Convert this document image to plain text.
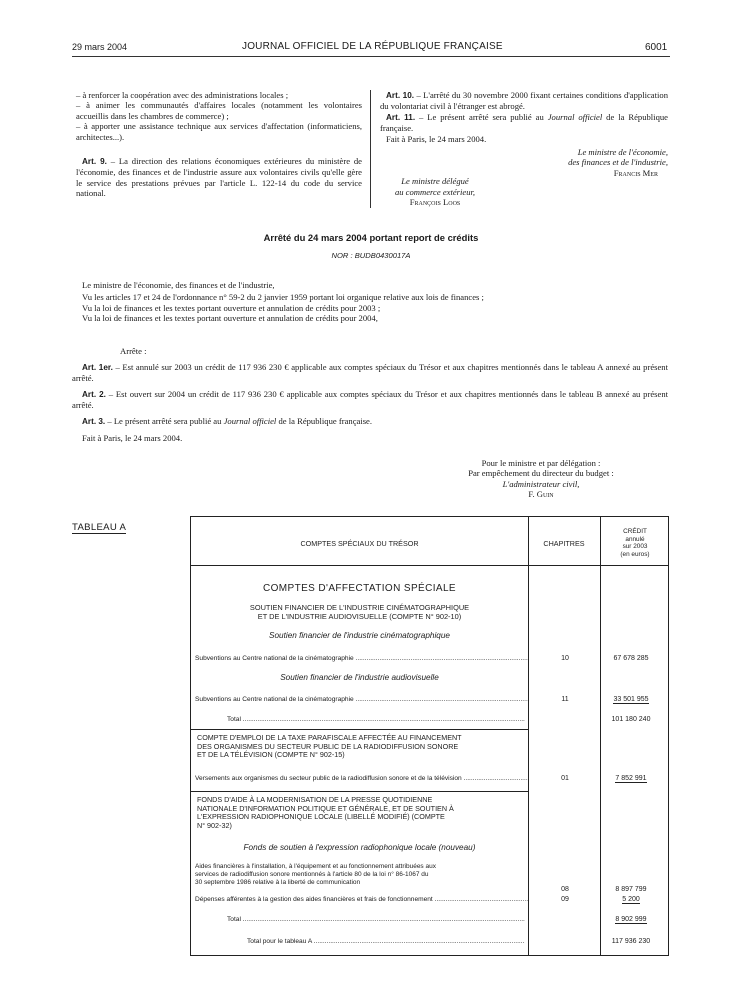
29 mars 2004	JOURNAL OFFICIEL DE LA RÉPUBLIQUE FRANÇAISE	6001

– à renforcer la coopération avec des administrations locales ;

– à animer les communautés d'affaires locales (notamment les volontaires accueillis dans les chambres de commerce) ;

– à apporter une assistance technique aux services d'affectation (informaticiens, architectes...).

Art. 9. – La direction des relations économiques extérieures du ministère de l'économie, des finances et de l'industrie assure aux volontaires civils qu'elle gère le service des prestations prévues par l'article L. 122-14 du code du service national.

Art. 10. – L'arrêté du 30 novembre 2000 fixant certaines conditions d'application du volontariat civil à l'étranger est abrogé.

Art. 11. – Le présent arrêté sera publié au Journal officiel de la République française.

Fait à Paris, le 24 mars 2004.

Le ministre de l'économie,
des finances et de l'industrie,
Francis Mer
Le ministre délégué
au commerce extérieur,
François Loos
Arrêté du 24 mars 2004 portant report de crédits
NOR : BUDB0430017A

Le ministre de l'économie, des finances et de l'industrie,

Vu les articles 17 et 24 de l'ordonnance n° 59-2 du 2 janvier 1959 portant loi organique relative aux lois de finances ;

Vu la loi de finances et les textes portant ouverture et annulation de crédits pour 2003 ;

Vu la loi de finances et les textes portant ouverture et annulation de crédits pour 2004,

Arrête :

Art. 1er. – Est annulé sur 2003 un crédit de 117 936 230 € applicable aux comptes spéciaux du Trésor et aux chapitres mentionnés dans le tableau A annexé au présent arrêté.

Art. 2. – Est ouvert sur 2004 un crédit de 117 936 230 € applicable aux comptes spéciaux du Trésor et aux chapitres mentionnés dans le tableau B annexé au présent arrêté.

Art. 3. – Le présent arrêté sera publié au Journal officiel de la République française.

Fait à Paris, le 24 mars 2004.

Pour le ministre et par délégation :
Par empêchement du directeur du budget :
L'administrateur civil,
F. Guin
TABLEAU A
COMPTES SPÉCIAUX DU TRÉSOR	CHAPITRES
CRÉDIT
annulé
sur 2003
(en euros)
COMPTES D'AFFECTATION SPÉCIALE
SOUTIEN FINANCIER DE L'INDUSTRIE CINÉMATOGRAPHIQUE
ET DE L'INDUSTRIE AUDIOVISUELLE (COMPTE N° 902-10)
Soutien financier de l'industrie cinématographique
Subventions au Centre national de la cinématographie .....	10	67 678 285
Soutien financier de l'industrie audiovisuelle
Subventions au Centre national de la cinématographie .....	11	33 501 955
Total .....	101 180 240
COMPTE D'EMPLOI DE LA TAXE PARAFISCALE AFFECTÉE AU FINANCEMENT
DES ORGANISMES DU SECTEUR PUBLIC DE LA RADIODIFFUSION SONORE
ET DE LA TÉLÉVISION (COMPTE N° 902-15)
Versements aux organismes du secteur public de la radiodiffusion sonore et de la télévision .....	01	7 852 991
FONDS D'AIDE À LA MODERNISATION DE LA PRESSE QUOTIDIENNE
NATIONALE D'INFORMATION POLITIQUE ET GÉNÉRALE, ET DE SOUTIEN À
L'EXPRESSION RADIOPHONIQUE LOCALE (LIBELLÉ MODIFIÉ) (COMPTE
N° 902-32)
Fonds de soutien à l'expression radiophonique locale (nouveau)
Aides financières à l'installation, à l'équipement et au fonctionnement attribuées aux
services de radiodiffusion sonore mentionnés à l'article 80 de la loi n° 86-1067 du
30 septembre 1986 relative à la liberté de communication
08	8 897 799
Dépenses afférentes à la gestion des aides financières et frais de fonctionnement .....	09	5 200
Total .....	8 902 999
Total pour le tableau A .....	117 936 230
